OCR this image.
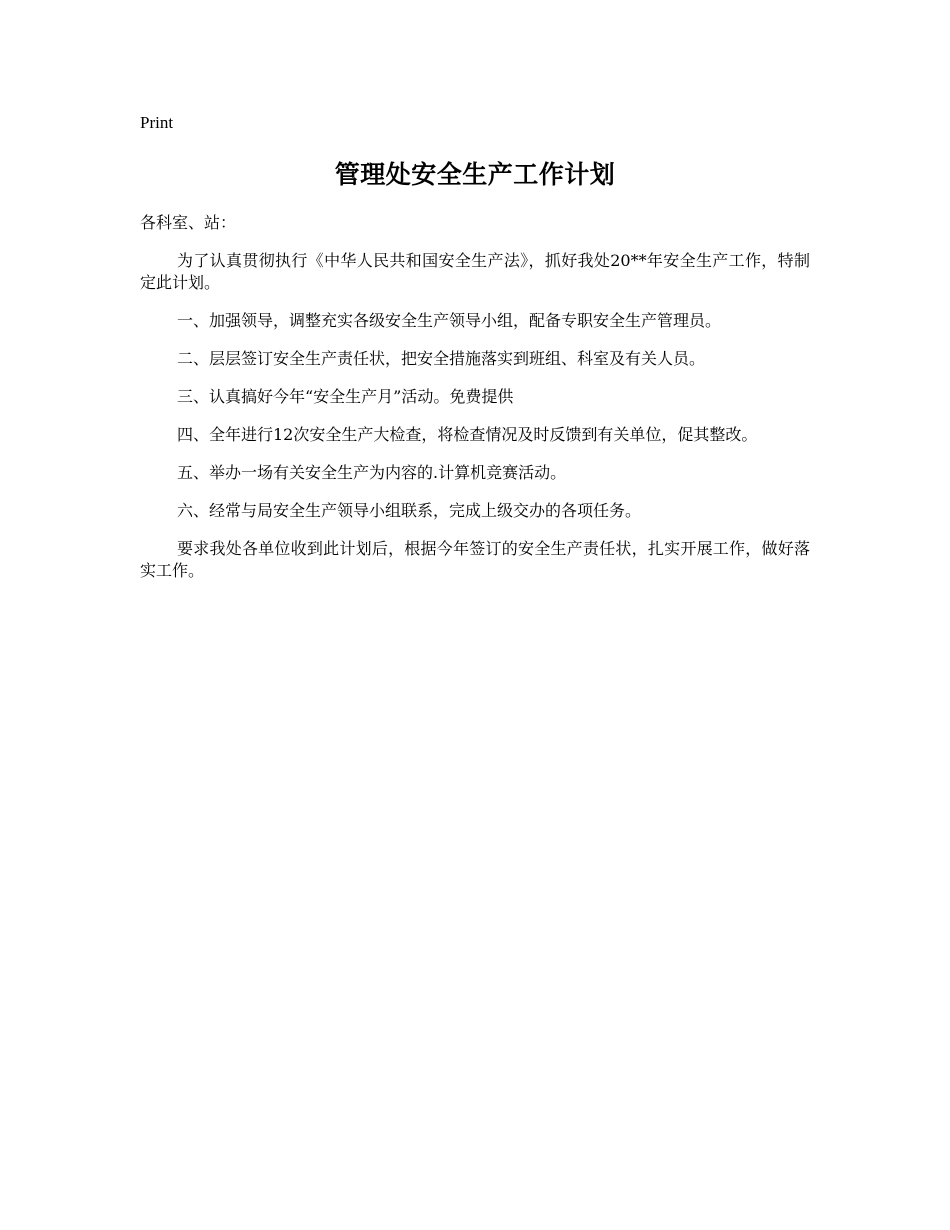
Print
管理处安全生产工作计划

各科室、站：

为了认真贯彻执行《中华人民共和国安全生产法》，抓好我处20**年安全生产工作，特制定此计划。

一、加强领导，调整充实各级安全生产领导小组，配备专职安全生产管理员。

二、层层签订安全生产责任状，把安全措施落实到班组、科室及有关人员。

三、认真搞好今年“安全生产月”活动。免费提供

四、全年进行12次安全生产大检查，将检查情况及时反馈到有关单位，促其整改。

五、举办一场有关安全生产为内容的.计算机竞赛活动。

六、经常与局安全生产领导小组联系，完成上级交办的各项任务。

要求我处各单位收到此计划后，根据今年签订的安全生产责任状，扎实开展工作，做好落实工作。
